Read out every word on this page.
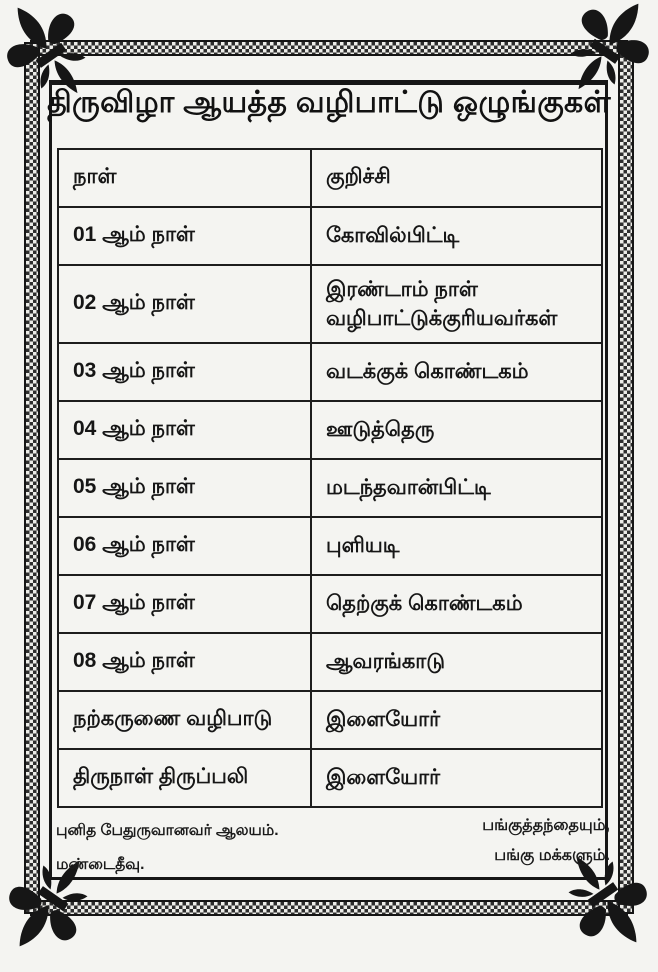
திருவிழா ஆயத்த வழிபாட்டு ஒழுங்குகள்
நாள்	குறிச்சி
01 ஆம் நாள்	கோவில்பிட்டி
02 ஆம் நாள்	இரண்டாம் நாள் வழிபாட்டுக்குரியவர்கள்
03 ஆம் நாள்	வடக்குக் கொண்டகம்
04 ஆம் நாள்	ஊடுத்தெரு
05 ஆம் நாள்	மடந்தவான்பிட்டி
06 ஆம் நாள்	புளியடி
07 ஆம் நாள்	தெற்குக் கொண்டகம்
08 ஆம் நாள்	ஆவரங்காடு
நற்கருணை வழிபாடு	இளையோர்
திருநாள் திருப்பலி	இளையோர்
புனித பேதுருவானவர் ஆலயம்.
மண்டைதீவு.
பங்குத்தந்தையும்,
பங்கு மக்களும்.
